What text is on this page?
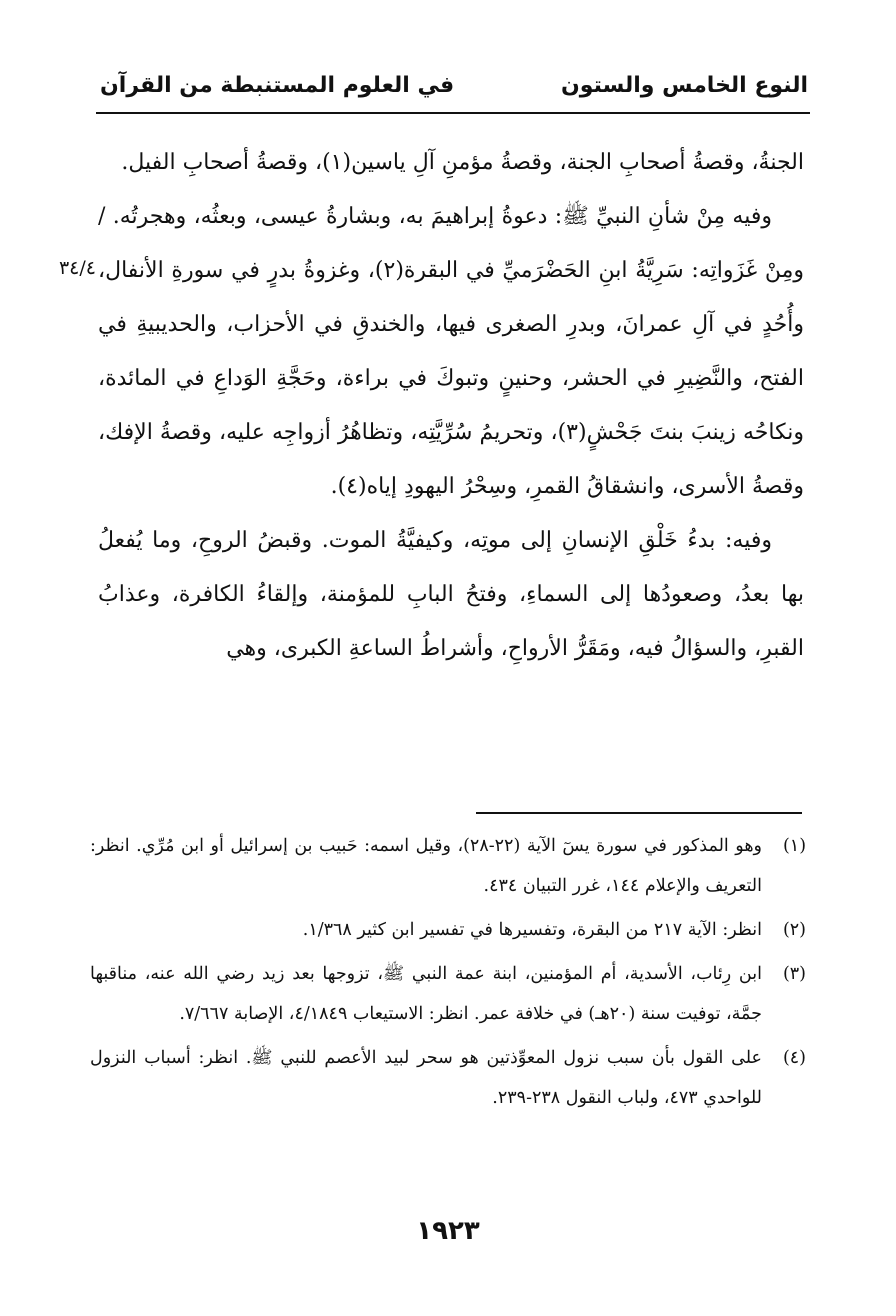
النوع الخامس والستون
في العلوم المستنبطة من القرآن
٣٤/٤

الجنةُ، وقصةُ أصحابِ الجنة، وقصةُ مؤمنِ آلِ ياسين(١)، وقصةُ أصحابِ الفيل.

وفيه مِنْ شأنِ النبيِّ ﷺ: دعوةُ إبراهيمَ به، وبشارةُ عيسى، وبعثُه، وهجرتُه. / ومِنْ غَزَواتِه: سَرِيَّةُ ابنِ الحَضْرَميِّ في البقرة(٢)، وغزوةُ بدرٍ في سورةِ الأنفال، وأُحُدٍ في آلِ عمرانَ، وبدرِ الصغرى فيها، والخندقِ في الأحزاب، والحديبيةِ في الفتح، والنَّضِيرِ في الحشر، وحنينٍ وتبوكَ في براءة، وحَجَّةِ الوَداعِ في المائدة، ونكاحُه زينبَ بنتَ جَحْشٍ(٣)، وتحريمُ سُرِّيَّتِه، وتظاهُرُ أزواجِه عليه، وقصةُ الإفك، وقصةُ الأسرى، وانشقاقُ القمرِ، وسِحْرُ اليهودِ إياه(٤).

وفيه: بدءُ خَلْقِ الإنسانِ إلى موتِه، وكيفيَّةُ الموت. وقبضُ الروحِ، وما يُفعلُ بها بعدُ، وصعودُها إلى السماءِ، وفتحُ البابِ للمؤمنة، وإلقاءُ الكافرة، وعذابُ القبرِ، والسؤالُ فيه، ومَقَرُّ الأرواحِ، وأشراطُ الساعةِ الكبرى، وهي

(١)وهو المذكور في سورة يسٓ الآية (٢٢-٢٨)، وقيل اسمه: حَبيب بن إسرائيل أو ابن مُرِّي. انظر: التعريف والإعلام ١٤٤، غرر التبيان ٤٣٤.

(٢)انظر: الآية ٢١٧ من البقرة، وتفسيرها في تفسير ابن كثير ١/٣٦٨.

(٣)ابن رِئاب، الأسدية، أم المؤمنين، ابنة عمة النبي ﷺ، تزوجها بعد زيد رضي الله عنه، مناقبها جمَّة، توفيت سنة (٢٠هـ) في خلافة عمر. انظر: الاستيعاب ٤/١٨٤٩، الإصابة ٧/٦٦٧.

(٤)على القول بأن سبب نزول المعوِّذتين هو سحر لبيد الأعصم للنبي ﷺ. انظر: أسباب النزول للواحدي ٤٧٣، ولباب النقول ٢٣٨-٢٣٩.

١٩٢٣
